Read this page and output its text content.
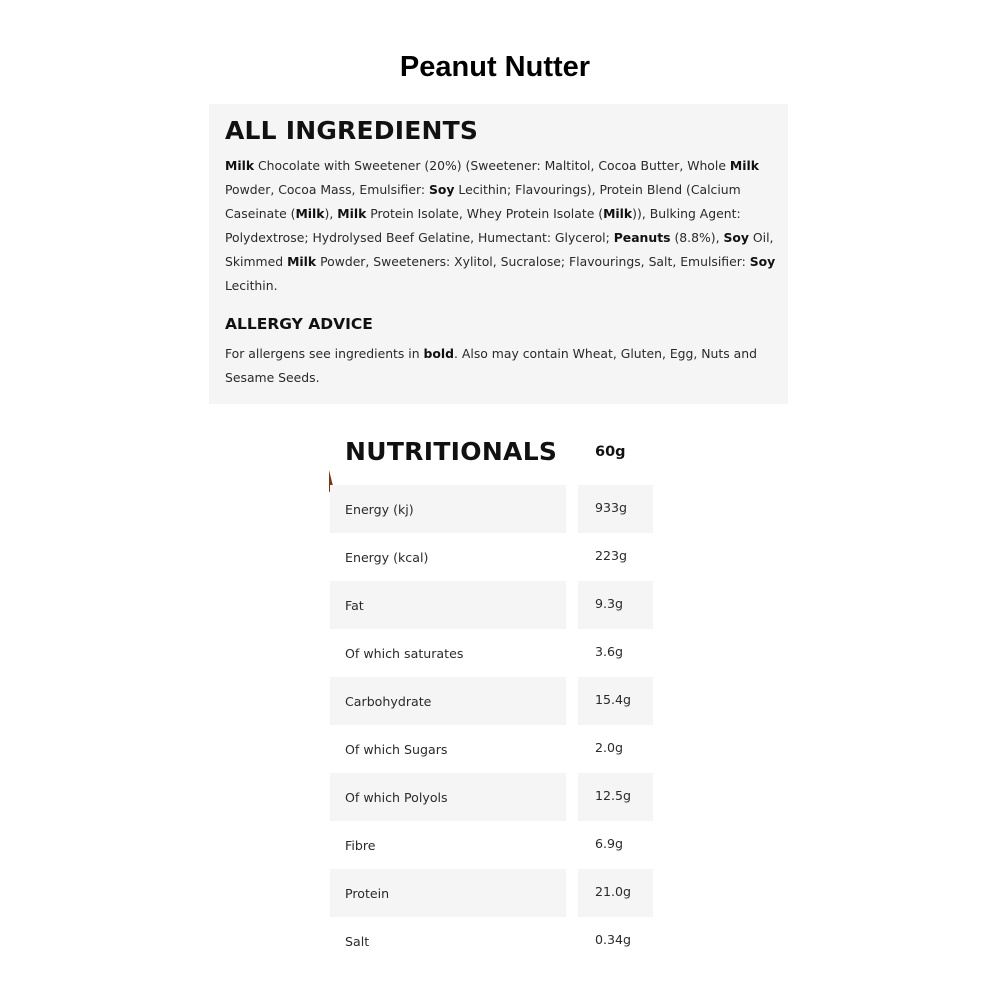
Peanut Nutter
ALL INGREDIENTS
Milk Chocolate with Sweetener (20%) (Sweetener: Maltitol, Cocoa Butter, Whole Milk
Powder, Cocoa Mass, Emulsifier: Soy Lecithin; Flavourings), Protein Blend (Calcium
Caseinate (Milk), Milk Protein Isolate, Whey Protein Isolate (Milk)), Bulking Agent:
Polydextrose; Hydrolysed Beef Gelatine, Humectant: Glycerol; Peanuts (8.8%), Soy Oil,
Skimmed Milk Powder, Sweeteners: Xylitol, Sucralose; Flavourings, Salt, Emulsifier: Soy
Lecithin.
ALLERGY ADVICE
For allergens see ingredients in bold. Also may contain Wheat, Gluten, Egg, Nuts and
Sesame Seeds.
NUTRITIONALS	60g
Energy (kj)	933g
Energy (kcal)	223g
Fat	9.3g
Of which saturates	3.6g
Carbohydrate	15.4g
Of which Sugars	2.0g
Of which Polyols	12.5g
Fibre	6.9g
Protein	21.0g
Salt	0.34g
